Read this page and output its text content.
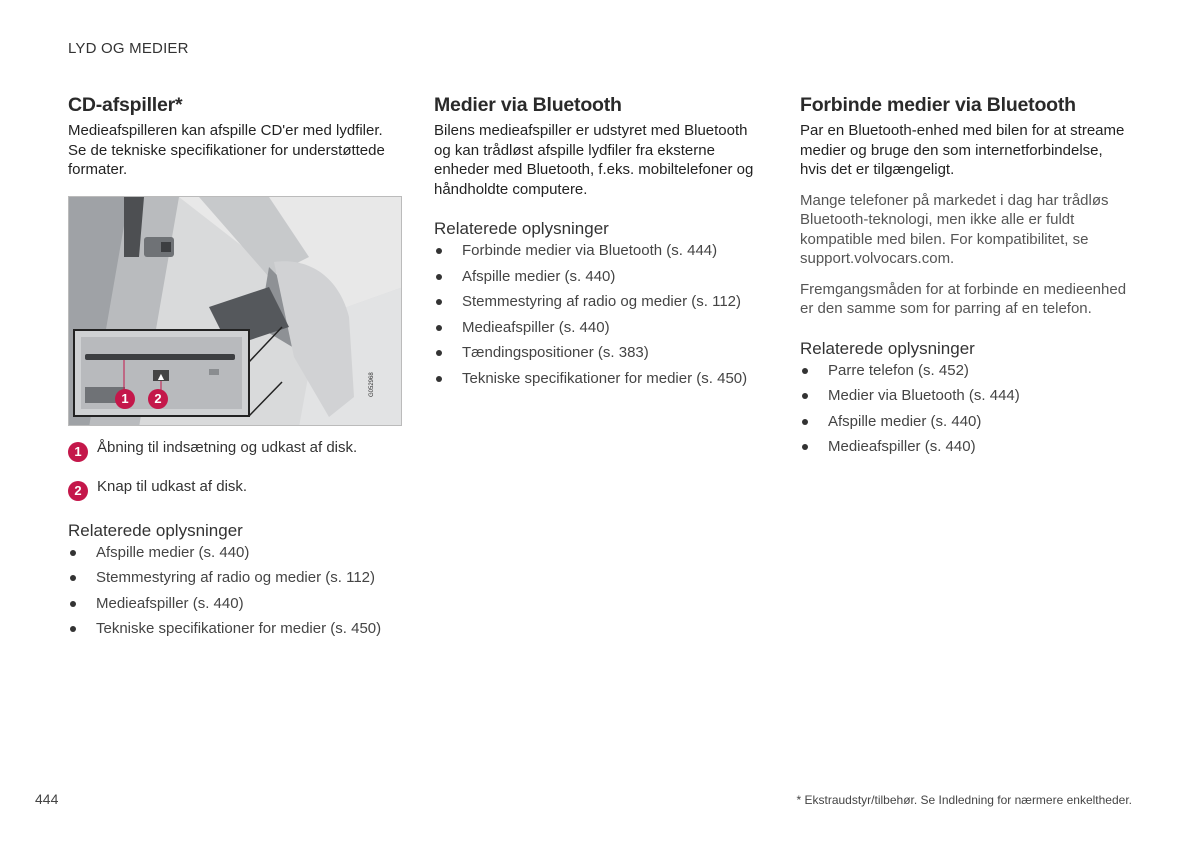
LYD OG MEDIER
CD-afspiller*

Medieafspilleren kan afspille CD'er med lydfiler. Se de tekniske specifikationer for understøttede formater.

▲
1	2
G052968
1	Åbning til indsætning og udkast af disk.
2	Knap til udkast af disk.
Relaterede oplysninger
Afspille medier (s. 440)
Stemmestyring af radio og medier (s. 112)
Medieafspiller (s. 440)
Tekniske specifikationer for medier (s. 450)
Medier via Bluetooth

Bilens medieafspiller er udstyret med Bluetooth og kan trådløst afspille lydfiler fra eksterne enheder med Bluetooth, f.eks. mobiltelefoner og håndholdte computere.

Relaterede oplysninger
Forbinde medier via Bluetooth (s. 444)
Afspille medier (s. 440)
Stemmestyring af radio og medier (s. 112)
Medieafspiller (s. 440)
Tændingspositioner (s. 383)
Tekniske specifikationer for medier (s. 450)
Forbinde medier via Bluetooth

Par en Bluetooth-enhed med bilen for at streame medier og bruge den som internetforbindelse, hvis det er tilgængeligt.

Mange telefoner på markedet i dag har trådløs Bluetooth-teknologi, men ikke alle er fuldt kompatible med bilen. For kompatibilitet, se support.volvocars.com.

Fremgangsmåden for at forbinde en medieenhed er den samme som for parring af en telefon.

Relaterede oplysninger
Parre telefon (s. 452)
Medier via Bluetooth (s. 444)
Afspille medier (s. 440)
Medieafspiller (s. 440)
444	* Ekstraudstyr/tilbehør. Se Indledning for nærmere enkeltheder.
